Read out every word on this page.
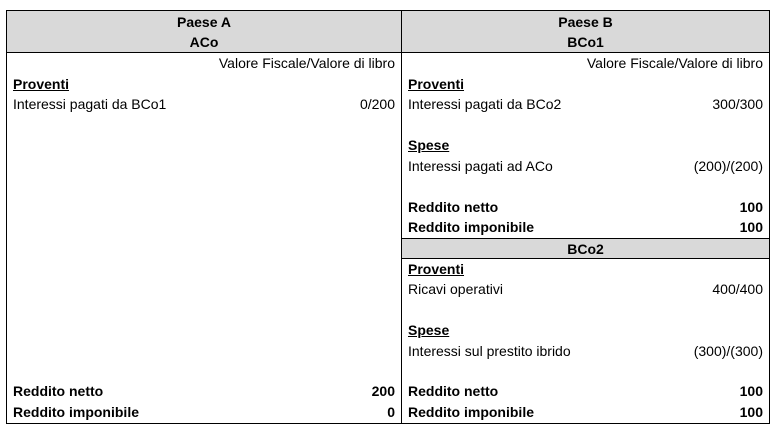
Paese A
ACo
Valore Fiscale/Valore di libro
Proventi
Interessi pagati da BCo1	0/200
Reddito netto	200
Reddito imponibile	0
Paese B
BCo1
Valore Fiscale/Valore di libro
Proventi
Interessi pagati da BCo2	300/300
Spese
Interessi pagati ad ACo	(200)/(200)
Reddito netto	100
Reddito imponibile	100
BCo2
Proventi
Ricavi operativi	400/400
Spese
Interessi sul prestito ibrido	(300)/(300)
Reddito netto	100
Reddito imponibile	100
